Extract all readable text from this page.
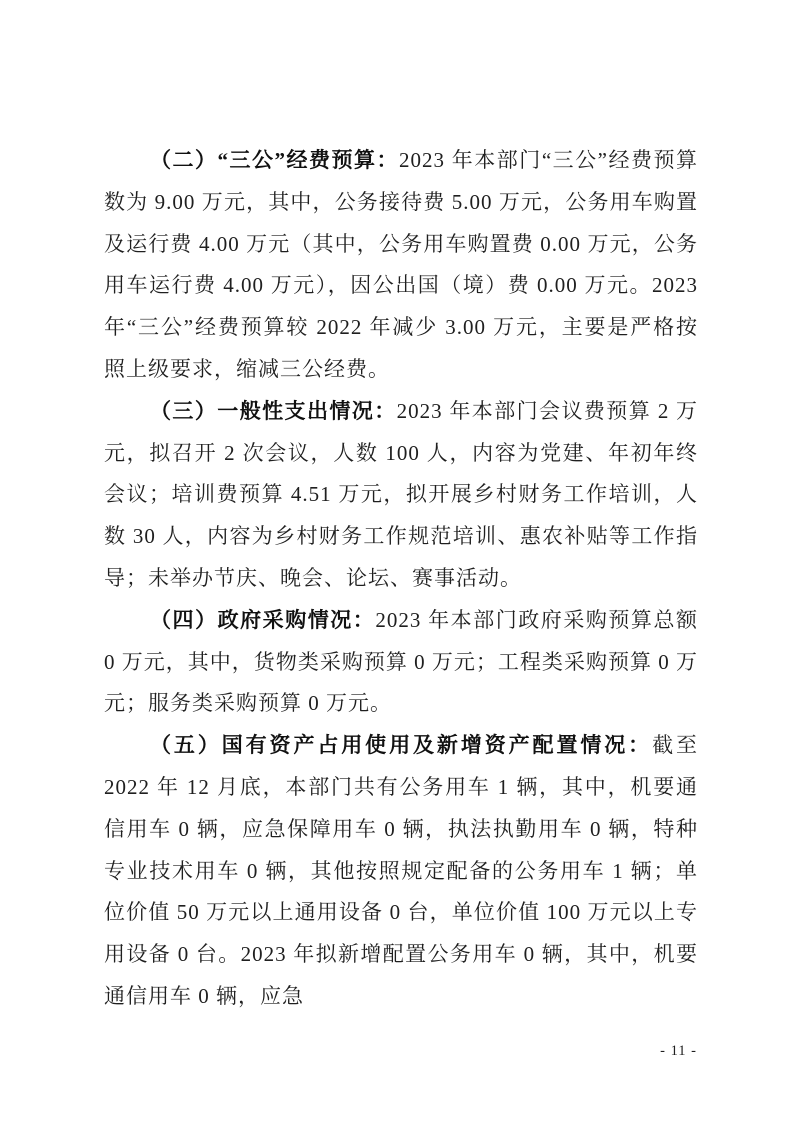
（二）“三公”经费预算：2023 年本部门“三公”经费预算数为 9.00 万元，其中，公务接待费 5.00 万元，公务用车购置及运行费 4.00 万元（其中，公务用车购置费 0.00 万元，公务用车运行费 4.00 万元），因公出国（境）费 0.00 万元。2023 年“三公”经费预算较 2022 年减少 3.00 万元，主要是严格按照上级要求，缩减三公经费。

（三）一般性支出情况：2023 年本部门会议费预算 2 万元，拟召开 2 次会议，人数 100 人，内容为党建、年初年终会议；培训费预算 4.51 万元，拟开展乡村财务工作培训，人数 30 人，内容为乡村财务工作规范培训、惠农补贴等工作指导；未举办节庆、晚会、论坛、赛事活动。

（四）政府采购情况：2023 年本部门政府采购预算总额 0 万元，其中，货物类采购预算 0 万元；工程类采购预算 0 万元；服务类采购预算 0 万元。

（五）国有资产占用使用及新增资产配置情况：截至 2022 年 12 月底，本部门共有公务用车 1 辆，其中，机要通信用车 0 辆，应急保障用车 0 辆，执法执勤用车 0 辆，特种专业技术用车 0 辆，其他按照规定配备的公务用车 1 辆；单位价值 50 万元以上通用设备 0 台，单位价值 100 万元以上专用设备 0 台。2023 年拟新增配置公务用车 0 辆，其中，机要通信用车 0 辆，应急

- 11 -
